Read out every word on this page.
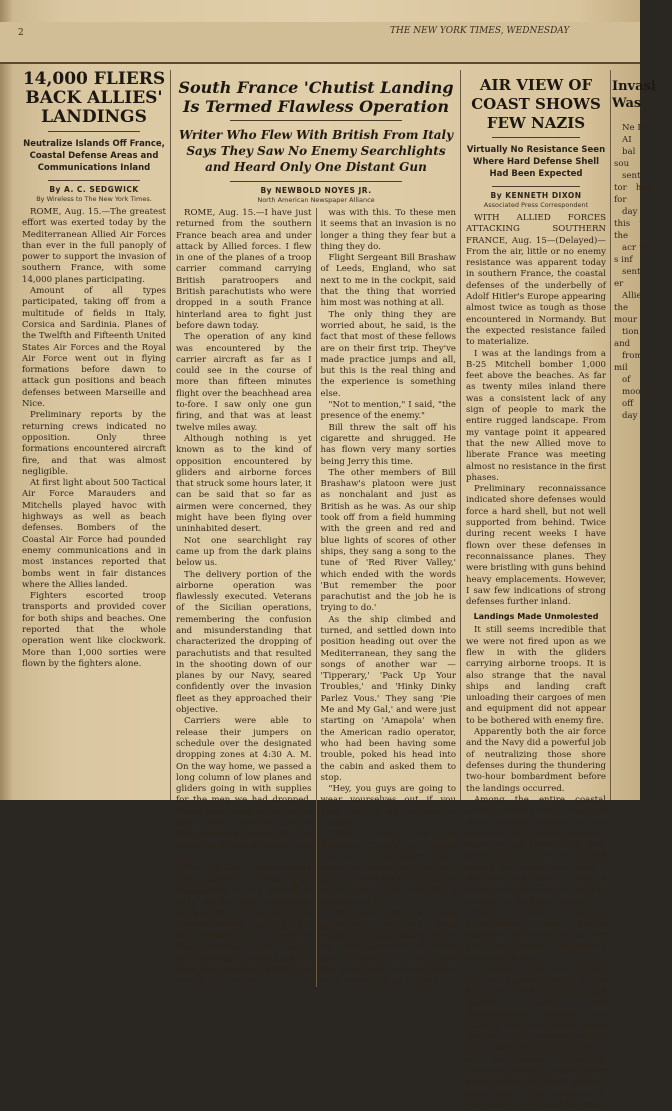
2	THE NEW YORK TIMES, WEDNESDAY
14,000 FLIERS BACK ALLIES' LANDINGS
Neutralize Islands Off France, Coastal Defense Areas and Communications Inland
By A. C. SEDGWICK
By Wireless to The New York Times.

ROME, Aug. 15.—The greatest effort was exerted today by the Mediterranean Allied Air Forces than ever in the full panoply of power to support the invasion of southern France, with some 14,000 planes participating.

Amount of all types participated, taking off from a multitude of fields in Italy, Corsica and Sardinia. Planes of the Twelfth and Fifteenth United States Air Forces and the Royal Air Force went out in flying formations before dawn to attack gun positions and beach defenses between Marseille and Nice.

Preliminary reports by the returning crews indicated no opposition. Only three formations encountered aircraft fire, and that was almost negligible.

At first light about 500 Tactical Air Force Marauders and Mitchells played havoc with highways as well as beach defenses. Bombers of the Coastal Air Force had pounded enemy communications and in most instances reported that bombs went in fair distances where the Allies landed.

Fighters escorted troop transports and provided cover for both ships and beaches. One reported that the whole operation went like clockwork. More than 1,000 sorties were flown by the fighters alone.

South France 'Chutist Landing Is Termed Flawless Operation
Writer Who Flew With British From Italy Says They Saw No Enemy Searchlights and Heard Only One Distant Gun
By NEWBOLD NOYES JR.
North American Newspaper Alliance

ROME, Aug. 15.—I have just returned from the southern France beach area and under attack by Allied forces. I flew in one of the planes of a troop carrier command carrying British paratroopers and British parachutists who were dropped in a south France hinterland area to fight just before dawn today.

The operation of any kind was encountered by the carrier aircraft as far as I could see in the course of more than fifteen minutes flight over the beachhead area to-fore. I saw only one gun firing, and that was at least twelve miles away.

Although nothing is yet known as to the kind of opposition encountered by gliders and airborne forces that struck some hours later, it can be said that so far as airmen were concerned, they might have been flying over uninhabited desert.

Not one searchlight ray came up from the dark plains below us.

The delivery portion of the airborne operation was flawlessly executed. Veterans of the Sicilian operations, remembering the confusion and misunderstanding that characterized the dropping of parachutists and that resulted in the shooting down of our planes by our Navy, seared confidently over the invasion fleet as they approached their objective.

Carriers were able to release their jumpers on schedule over the designated dropping zones at 4:30 A. M. On the way home, we passed a long column of low planes and gliders going in with supplies for the men we had dropped. These ships were scheduled to reach their objective just as the seaborne forces hit the beach at Fréjus at about 8:30 A. M.

The British paratroopers with which I flew were magnificent. At the take-off in Italy, as our ship shuddered for a second at the top of the runway before hurtling into the darkness, one pink-faced boy, grotesque in his bulky paraphernalia, threw back his head and shouted above the roar of the motors.

was with this. To these men it seems that an invasion is no longer a thing they fear but a thing they do.

Flight Sergeant Bill Brashaw of Leeds, England, who sat next to me in the cockpit, said that the thing that worried him most was nothing at all.

The only thing they are worried about, he said, is the fact that most of these fellows are on their first trip. They've made practice jumps and all, but this is the real thing and the experience is something else.

"Not to mention," I said, "the presence of the enemy."

Bill threw the salt off his cigarette and shrugged. He has flown very many sorties being Jerry this time.

The other members of Bill Brashaw's platoon were just as nonchalant and just as British as he was. As our ship took off from a field humming with the green and red and blue lights of scores of other ships, they sang a song to the tune of 'Red River Valley,' which ended with the words 'But remember the poor parachutist and the job he is trying to do.'

As the ship climbed and turned, and settled down into position heading out over the Mediterranean, they sang the songs of another war — 'Tipperary,' 'Pack Up Your Troubles,' and 'Hinky Dinky Parlez Vous.' They sang 'Pie Me and My Gal,' and were just starting on 'Amapola' when the American radio operator, who had been having some trouble, poked his head into the cabin and asked them to stop.

"Hey, you guys are going to wear yourselves out if you keep that up all the way to France."

"Good Hicks," said Bill Brashaw. "That's one reason why we do not worry. We'll know the Yanks and they will get us where we are supposed to be. That's the thing for a parachutist."

They had been a noisy gathering, but the boys stopped singing shortly after the radio operator told them and turned to their own thoughts, and some of them even seemed to go to sleep.

AIR VIEW OF COAST SHOWS FEW NAZIS
Virtually No Resistance Seen Where Hard Defense Shell Had Been Expected
By KENNETH DIXON
Associated Press Correspondent

WITH ALLIED FORCES ATTACKING SOUTHERN FRANCE, Aug. 15—(Delayed)—From the air, little or no enemy resistance was apparent today in southern France, the coastal defenses of the underbelly of Adolf Hitler's Europe appearing almost twice as tough as those encountered in Normandy. But the expected resistance failed to materialize.

I was at the landings from a B-25 Mitchell bomber 1,000 feet above the beaches. As far as twenty miles inland there was a consistent lack of any sign of people to mark the entire rugged landscape. From my vantage point it appeared that the new Allied move to liberate France was meeting almost no resistance in the first phases.

Preliminary reconnaissance indicated shore defenses would force a hard shell, but not well supported from behind. Twice during recent weeks I have flown over these defenses in reconnaissance planes. They were bristling with guns behind heavy emplacements. However, I saw few indications of strong defenses further inland.

Landings Made Unmolested

It still seems incredible that we were not fired upon as we flew in with the gliders carrying airborne troops. It is also strange that the naval ships and landing craft unloading their cargoes of men and equipment did not appear to be bothered with enemy fire.

Apparently both the air force and the Navy did a powerful job of neutralizing those shore defenses during the thundering two-hour bombardment before the landings occurred.

Among the entire coastal sector anti-aircraft batteries were densely packed a few days ago. But planes officially reported anti-aircraft fire over the area as 'intense.' Yet no one among the planes from which I watched the assault saw a single shot fired or any sign of activity as the boats landed.

Pilots who carried paratroopers and gliders reported encountering no fire and all planes apparently returned safely.

Cracking of the outer shell will be apparent until a few hours after the actual landings started, when the bombardment weapons are lifted. It was then that a single spot of activity became visible, and it was inside the perimeter of the beach. Similarly, although many gliders were crash-landed on rough ground, there was little evidence of enemy fire in the landing zone.

Invasi Was

Ne By

AI

bal sou

sent tor hap for

day this vic the

acr we s inf

sent er

Allie the mour

tion and

from mil

of

moorie

off

day
